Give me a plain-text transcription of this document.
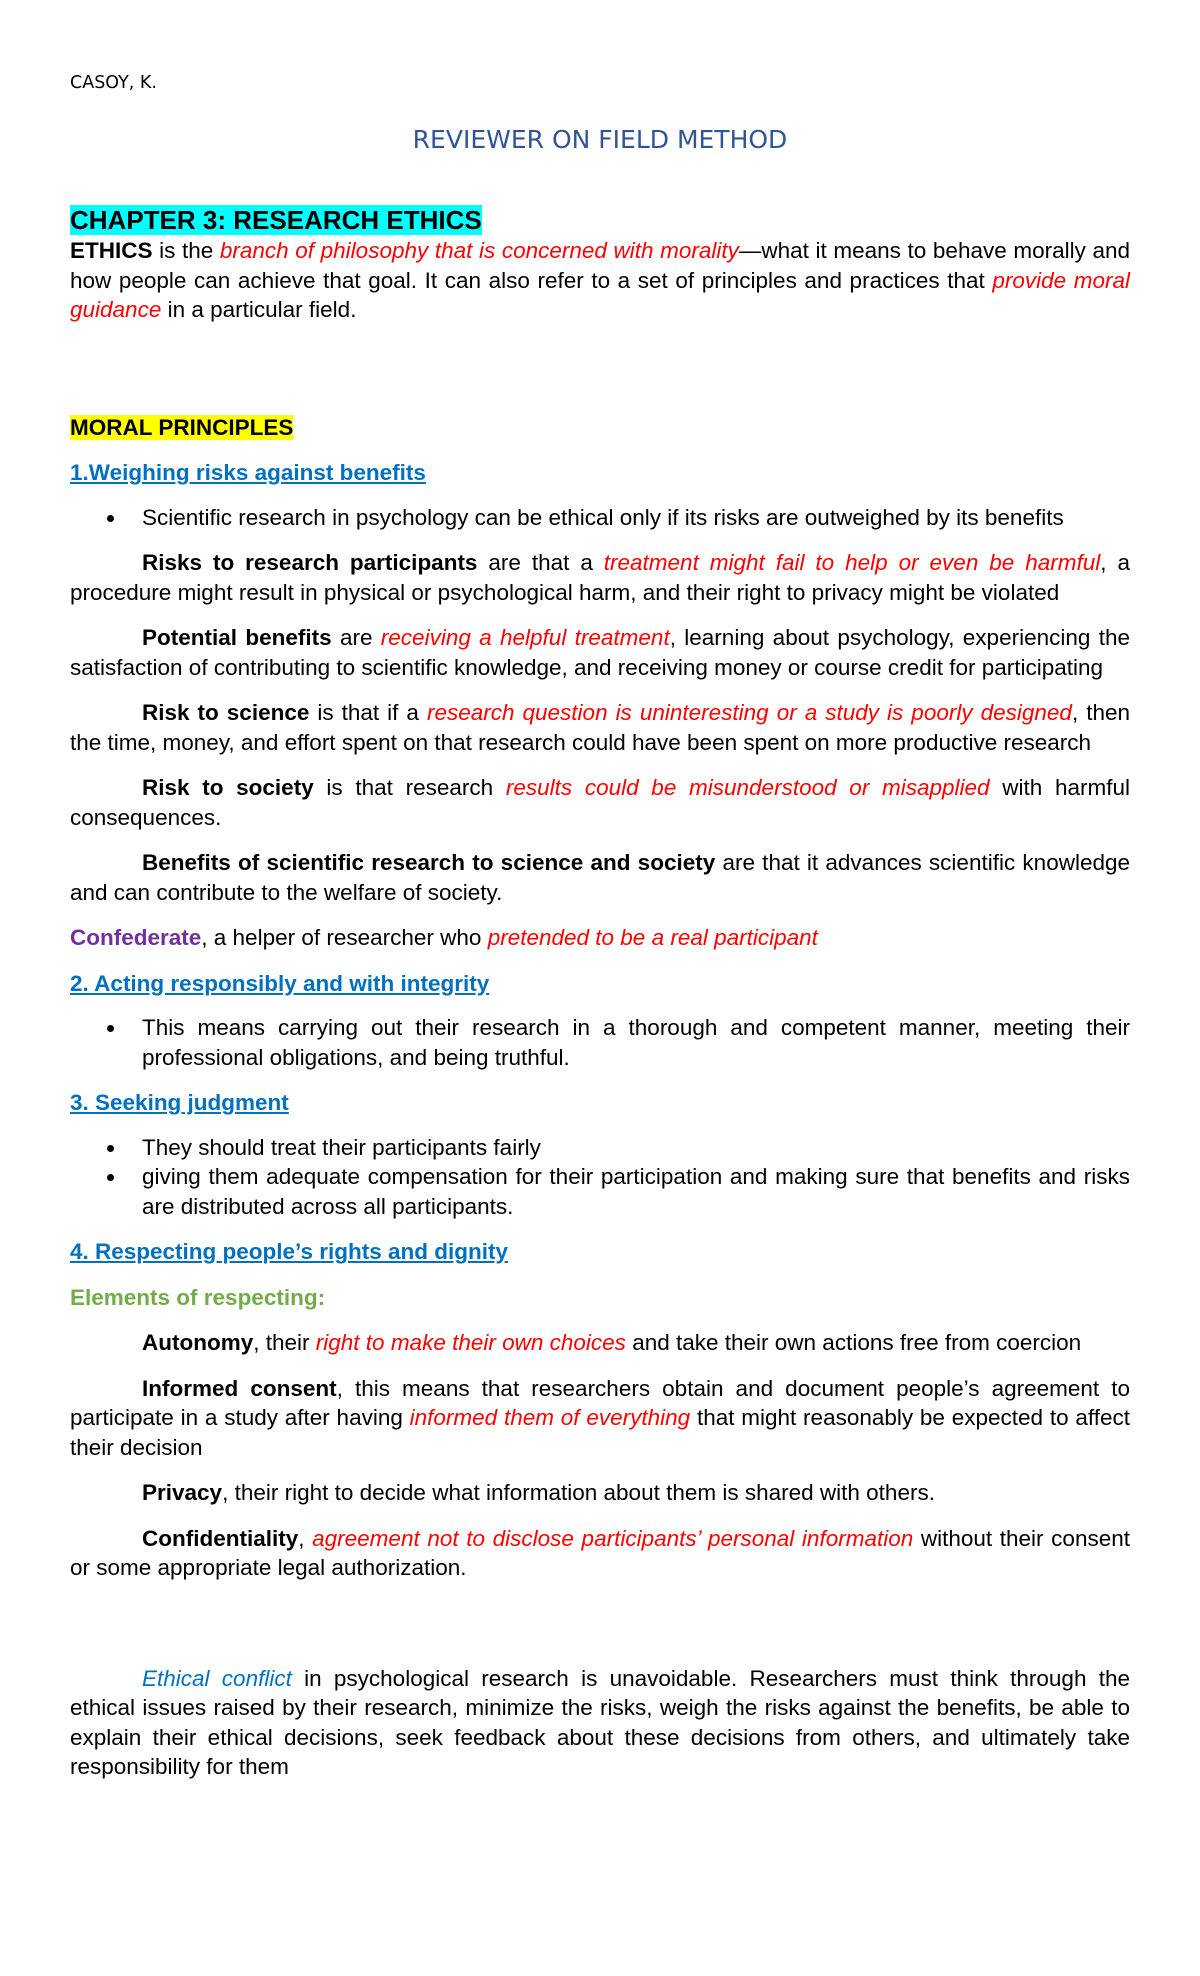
CASOY, K.
REVIEWER ON FIELD METHOD

CHAPTER 3: RESEARCH ETHICS

ETHICS is the branch of philosophy that is concerned with morality—what it means to behave morally and how people can achieve that goal. It can also refer to a set of principles and practices that provide moral guidance in a particular field.

MORAL PRINCIPLES

1.Weighing risks against benefits

Scientific research in psychology can be ethical only if its risks are outweighed by its benefits

Risks to research participants are that a treatment might fail to help or even be harmful, a procedure might result in physical or psychological harm, and their right to privacy might be violated

Potential benefits are receiving a helpful treatment, learning about psychology, experiencing the satisfaction of contributing to scientific knowledge, and receiving money or course credit for participating

Risk to science is that if a research question is uninteresting or a study is poorly designed, then the time, money, and effort spent on that research could have been spent on more productive research

Risk to society is that research results could be misunderstood or misapplied with harmful consequences.

Benefits of scientific research to science and society are that it advances scientific knowledge and can contribute to the welfare of society.

Confederate, a helper of researcher who pretended to be a real participant

2. Acting responsibly and with integrity

This means carrying out their research in a thorough and competent manner, meeting their professional obligations, and being truthful.

3. Seeking judgment

They should treat their participants fairly
giving them adequate compensation for their participation and making sure that benefits and risks are distributed across all participants.

4. Respecting people’s rights and dignity

Elements of respecting:

Autonomy, their right to make their own choices and take their own actions free from coercion

Informed consent, this means that researchers obtain and document people’s agreement to participate in a study after having informed them of everything that might reasonably be expected to affect their decision

Privacy, their right to decide what information about them is shared with others.

Confidentiality, agreement not to disclose participants’ personal information without their consent or some appropriate legal authorization.

Ethical conflict in psychological research is unavoidable. Researchers must think through the ethical issues raised by their research, minimize the risks, weigh the risks against the benefits, be able to explain their ethical decisions, seek feedback about these decisions from others, and ultimately take responsibility for them
